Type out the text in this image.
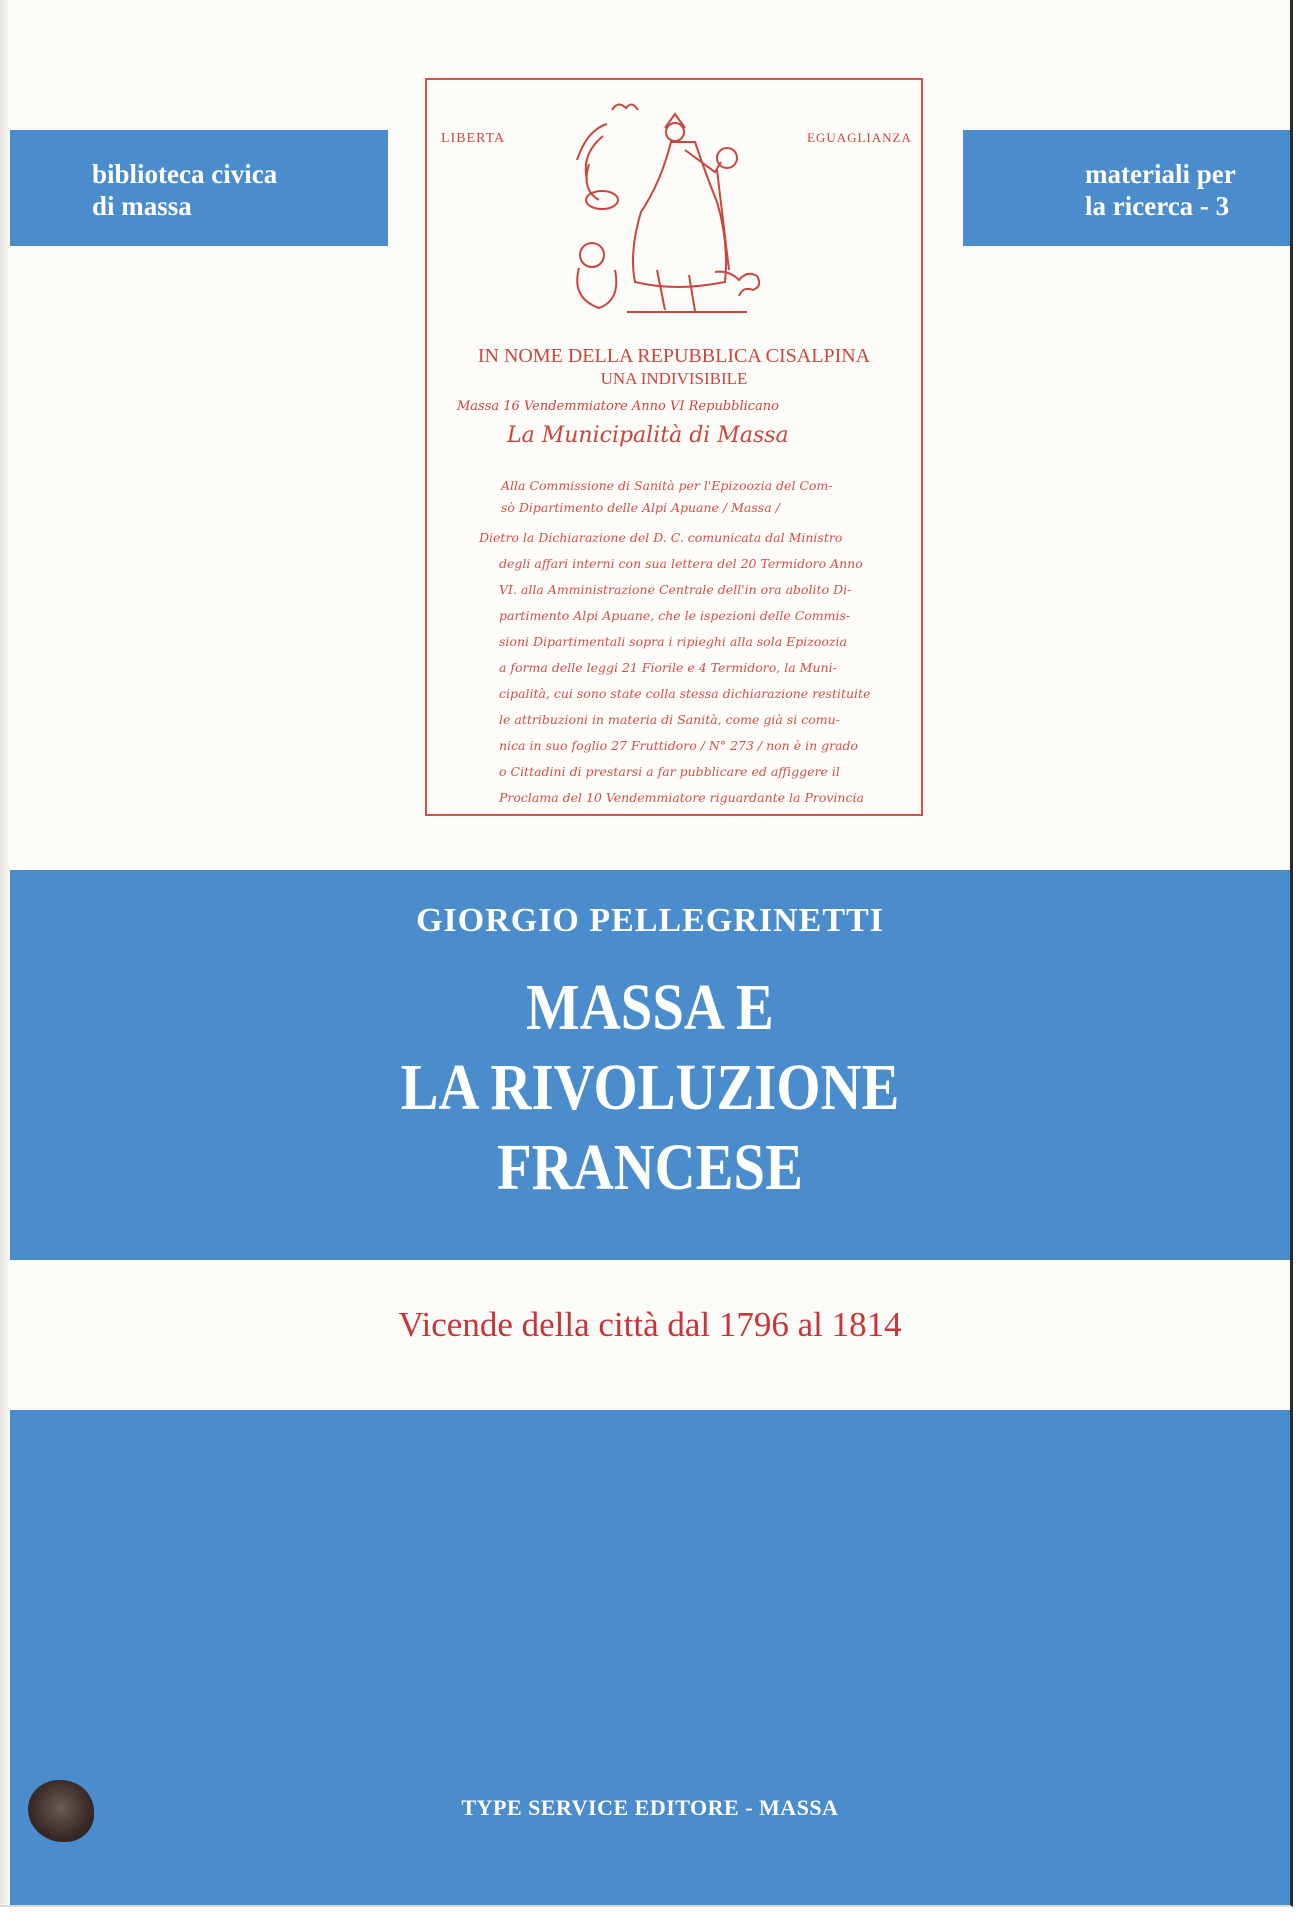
biblioteca civica
di massa
materiali per
la ricerca - 3
LIBERTA	EGUAGLIANZA
IN NOME DELLA REPUBBLICA CISALPINA
UNA INDIVISIBILE
Massa 16 Vendemmiatore Anno VI Repubblicano
La Municipalità di Massa
Alla Commissione di Sanità per l'Epizoozia del Com-
sò Dipartimento delle Alpi Apuane / Massa /
Dietro la Dichiarazione del D. C. comunicata dal Ministro
degli affari interni con sua lettera del 20 Termidoro Anno
VI. alla Amministrazione Centrale dell'in ora abolito Di-
partimento Alpi Apuane, che le ispezioni delle Commis-
sioni Dipartimentali sopra i ripieghi alla sola Epizoozia
a forma delle leggi 21 Fiorile e 4 Termidoro, la Muni-
cipalità, cui sono state colla stessa dichiarazione restituite
le attribuzioni in materia di Sanità, come già si comu-
nica in suo foglio 27 Fruttidoro / N° 273 / non è in grado
o Cittadini di prestarsi a far pubblicare ed affiggere il
Proclama del 10 Vendemmiatore riguardante la Provincia
GIORGIO PELLEGRINETTI
MASSA E
LA RIVOLUZIONE
FRANCESE
Vicende della città dal 1796 al 1814
TYPE SERVICE EDITORE - MASSA
